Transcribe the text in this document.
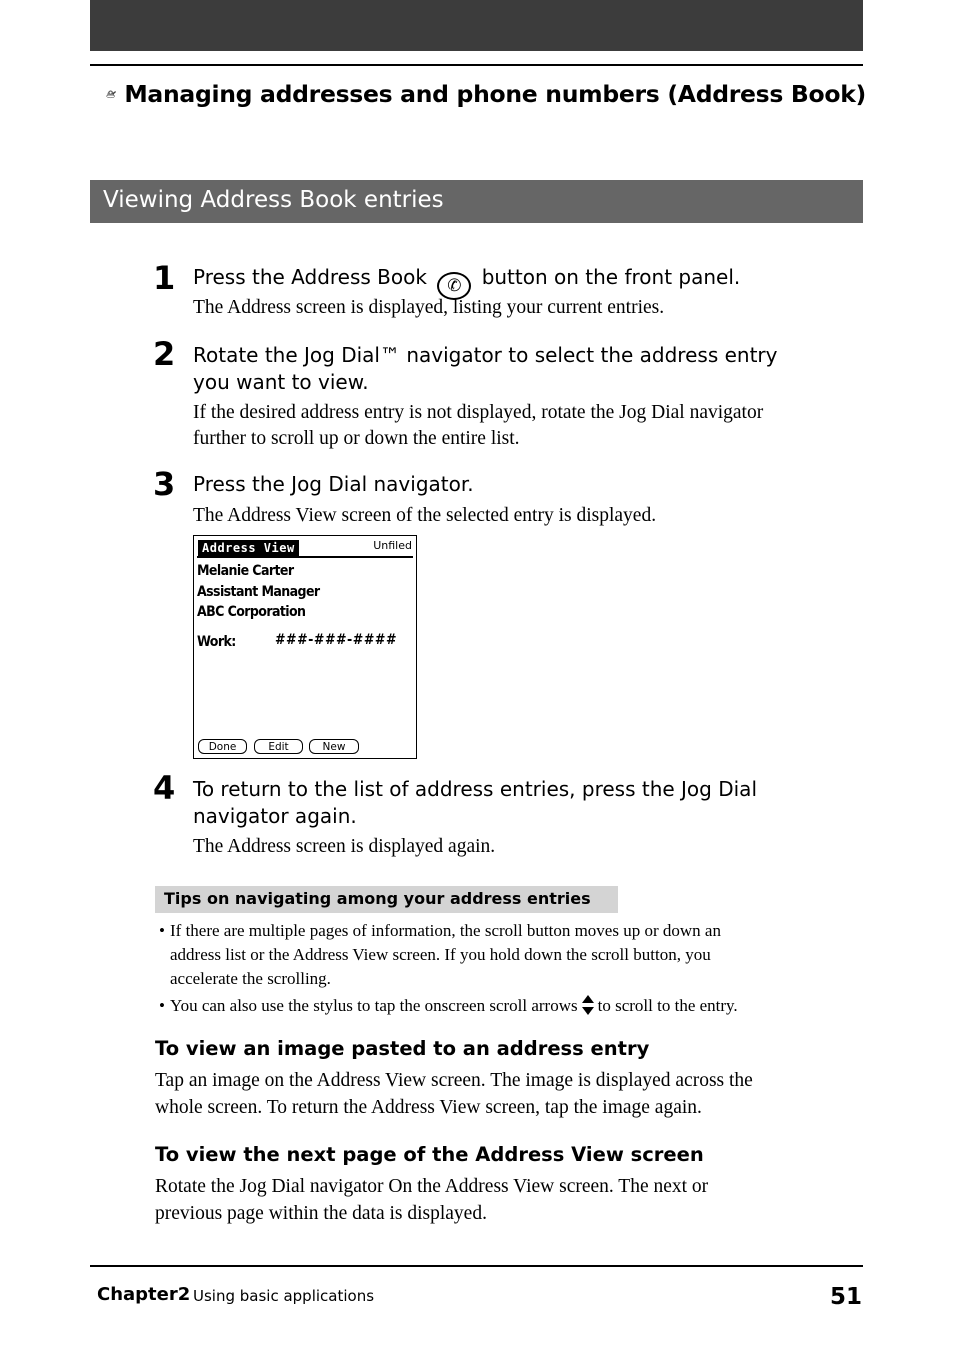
Managing addresses and phone numbers (Address Book)
Viewing Address Book entries
1 Press the Address Book ✆ button on the front panel.
The Address screen is displayed, listing your current entries.
2 Rotate the Jog Dial™ navigator to select the address entry
you want to view.
If the desired address entry is not displayed, rotate the Jog Dial navigator
further to scroll up or down the entire list.
3 Press the Jog Dial navigator.
The Address View screen of the selected entry is displayed.
Address View	Unfiled
Melanie Carter
Assistant Manager
ABC Corporation
Work:	###-###-####
Done	Edit	New
4 To return to the list of address entries, press the Jog Dial
navigator again.
The Address screen is displayed again.
Tips on navigating among your address entries
• If there are multiple pages of information, the scroll button moves up or down an
address list or the Address View screen. If you hold down the scroll button, you
accelerate the scrolling.
• You can also use the stylus to tap the onscreen scroll arrows to scroll to the entry.
To view an image pasted to an address entry
Tap an image on the Address View screen. The image is displayed across the
whole screen. To return the Address View screen, tap the image again.
To view the next page of the Address View screen
Rotate the Jog Dial navigator On the Address View screen. The next or
previous page within the data is displayed.
Chapter2 Using basic applications	51
